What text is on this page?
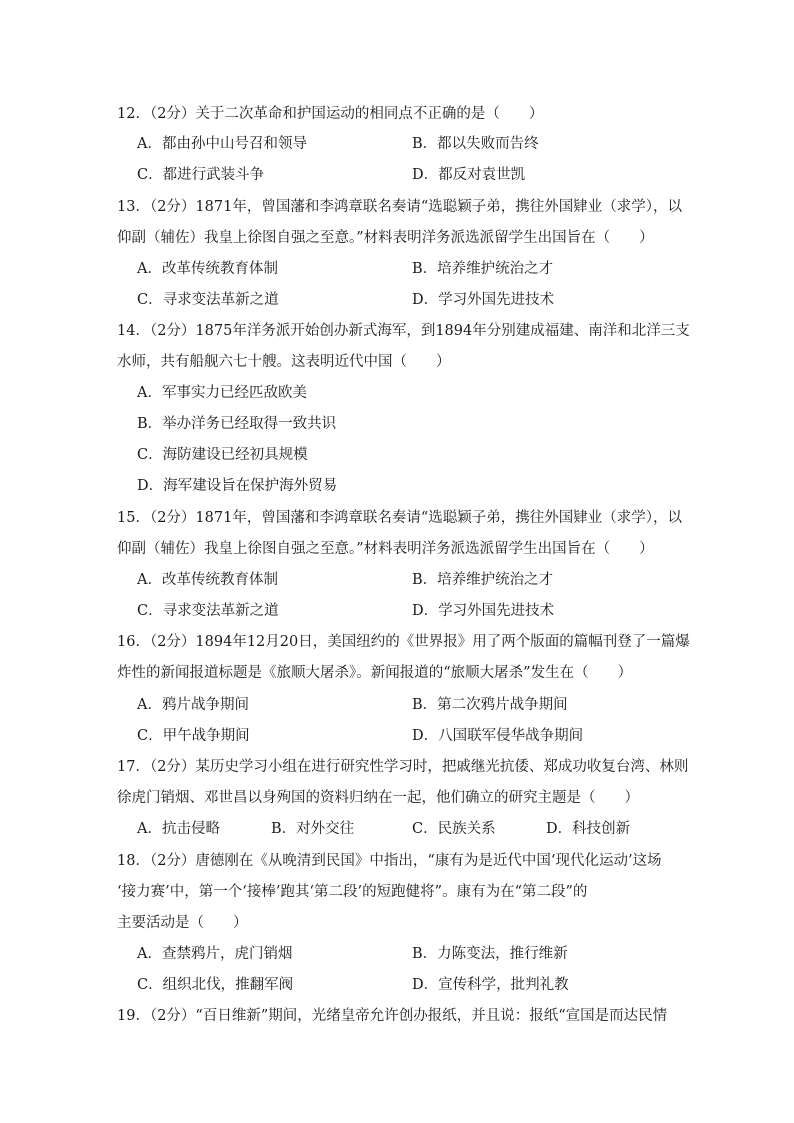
12．（2分）关于二次革命和护国运动的相同点不正确的是（　　）
A．都由孙中山号召和领导	B．都以失败而告终
C．都进行武装斗争	D．都反对袁世凯
13．（2分）1871年，曾国藩和李鸿章联名奏请“选聪颖子弟，携往外国肄业（求学），以
仰副（辅佐）我皇上徐图自强之至意。”材料表明洋务派选派留学生出国旨在（　　）
A．改革传统教育体制	B．培养维护统治之才
C．寻求变法革新之道	D．学习外国先进技术
14．（2分）1875年洋务派开始创办新式海军，到1894年分别建成福建、南洋和北洋三支
水师，共有船舰六七十艘。这表明近代中国（　　）
A．军事实力已经匹敌欧美
B．举办洋务已经取得一致共识
C．海防建设已经初具规模
D．海军建设旨在保护海外贸易
15．（2分）1871年，曾国藩和李鸿章联名奏请“选聪颖子弟，携往外国肄业（求学），以
仰副（辅佐）我皇上徐图自强之至意。”材料表明洋务派选派留学生出国旨在（　　）
A．改革传统教育体制	B．培养维护统治之才
C．寻求变法革新之道	D．学习外国先进技术
16．（2分）1894年12月20日，美国纽约的《世界报》用了两个版面的篇幅刊登了一篇爆
炸性的新闻报道标题是《旅顺大屠杀》。新闻报道的“旅顺大屠杀”发生在（　　）
A．鸦片战争期间	B．第二次鸦片战争期间
C．甲午战争期间	D．八国联军侵华战争期间
17．（2分）某历史学习小组在进行研究性学习时，把戚继光抗倭、郑成功收复台湾、林则
徐虎门销烟、邓世昌以身殉国的资料归纳在一起，他们确立的研究主题是（　　）
A．抗击侵略	B．对外交往	C．民族关系	D．科技创新
18．（2分）唐德刚在《从晚清到民国》中指出，“康有为是近代中国‘现代化运动’这场
‘接力赛’中，第一个‘接棒’跑其‘第二段’的短跑健将”。康有为在“第二段”的
主要活动是（　　）
A．查禁鸦片，虎门销烟	B．力陈变法，推行维新
C．组织北伐，推翻军阀	D．宣传科学，批判礼教
19．（2分）“百日维新”期间，光绪皇帝允许创办报纸，并且说：报纸“宣国是而达民情
